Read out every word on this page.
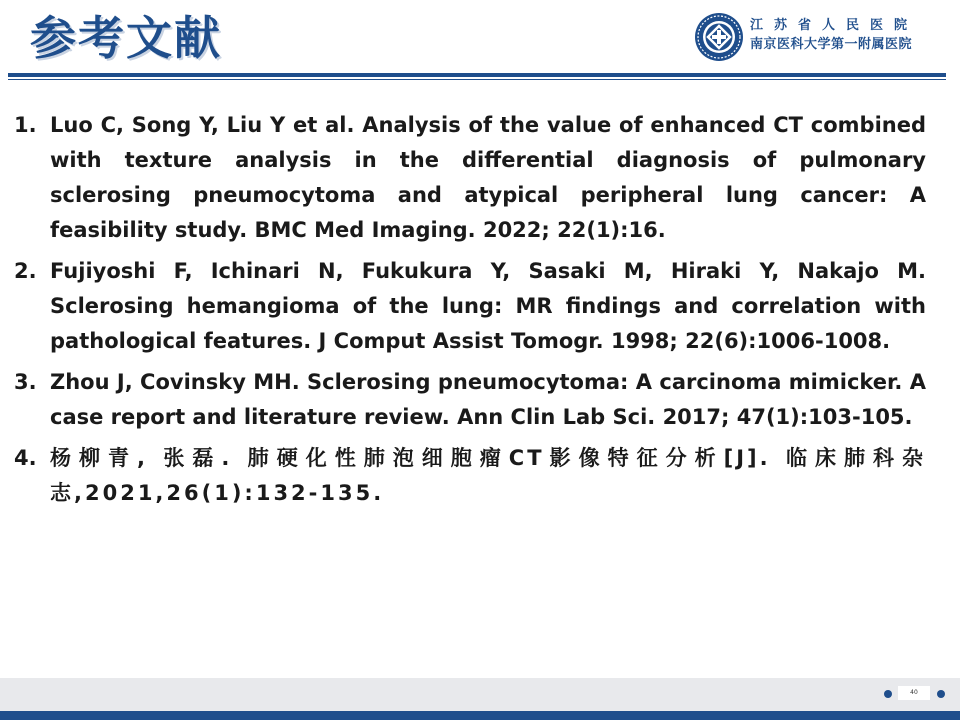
参考文献	江苏省人民医院
南京医科大学第一附属医院
1. Luo C, Song Y, Liu Y et al. Analysis of the value of enhanced CT combined with texture analysis in the differential diagnosis of pulmonary sclerosing pneumocytoma and atypical peripheral lung cancer: A feasibility study. BMC Med Imaging. 2022; 22(1):16.
2. Fujiyoshi F, Ichinari N, Fukukura Y, Sasaki M, Hiraki Y, Nakajo M. Sclerosing hemangioma of the lung: MR findings and correlation with pathological features. J Comput Assist Tomogr. 1998; 22(6):1006-1008.
3. Zhou J, Covinsky MH. Sclerosing pneumocytoma: A carcinoma mimicker. A case report and literature review. Ann Clin Lab Sci. 2017; 47(1):103-105.
4. 杨柳青, 张磊. 肺硬化性肺泡细胞瘤CT影像特征分析[J]. 临床肺科杂志,2021,26(1):132-135.
40
